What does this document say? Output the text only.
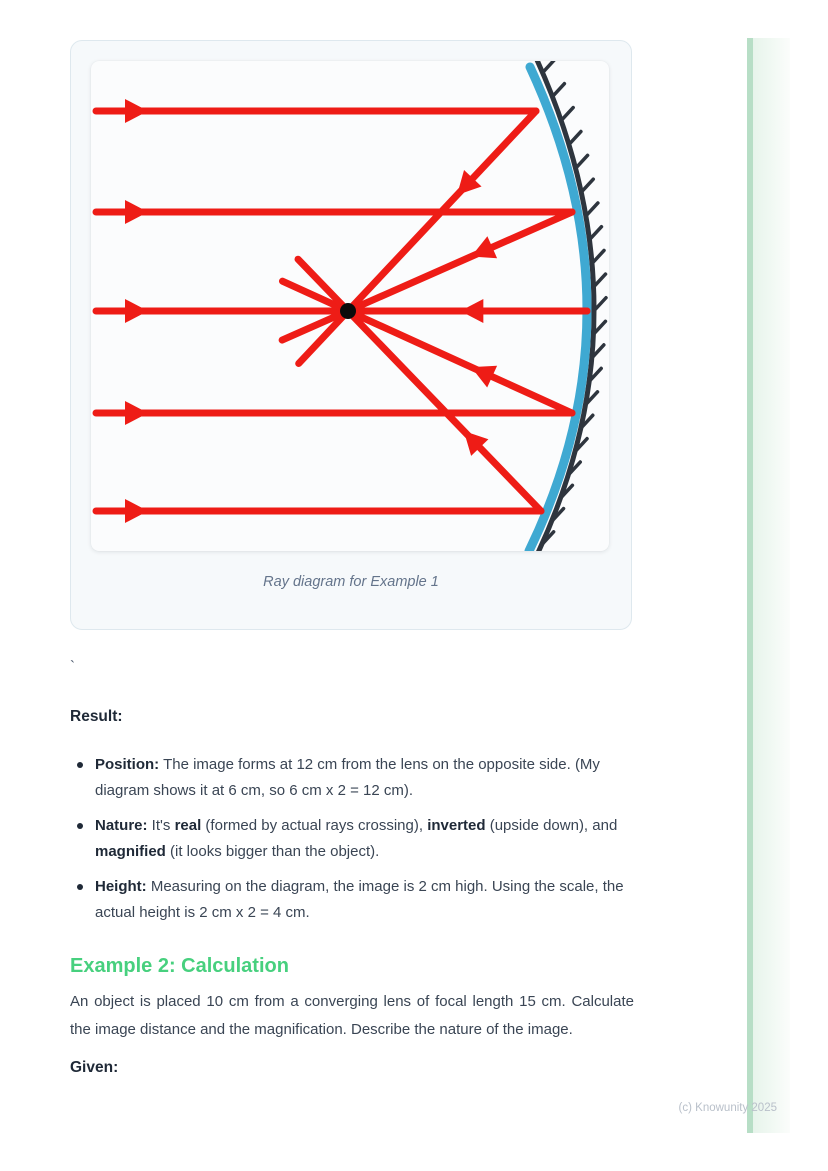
Ray diagram for Example 1
`

Result:

Position: The image forms at 12 cm from the lens on the opposite side. (My diagram shows it at 6 cm, so 6 cm x 2 = 12 cm).
Nature: It's real (formed by actual rays crossing), inverted (upside down), and magnified (it looks bigger than the object).
Height: Measuring on the diagram, the image is 2 cm high. Using the scale, the actual height is 2 cm x 2 = 4 cm.
Example 2: Calculation

An object is placed 10 cm from a converging lens of focal length 15 cm. Calculate the image distance and the magnification. Describe the nature of the image.

Given:

(c) Knowunity 2025
